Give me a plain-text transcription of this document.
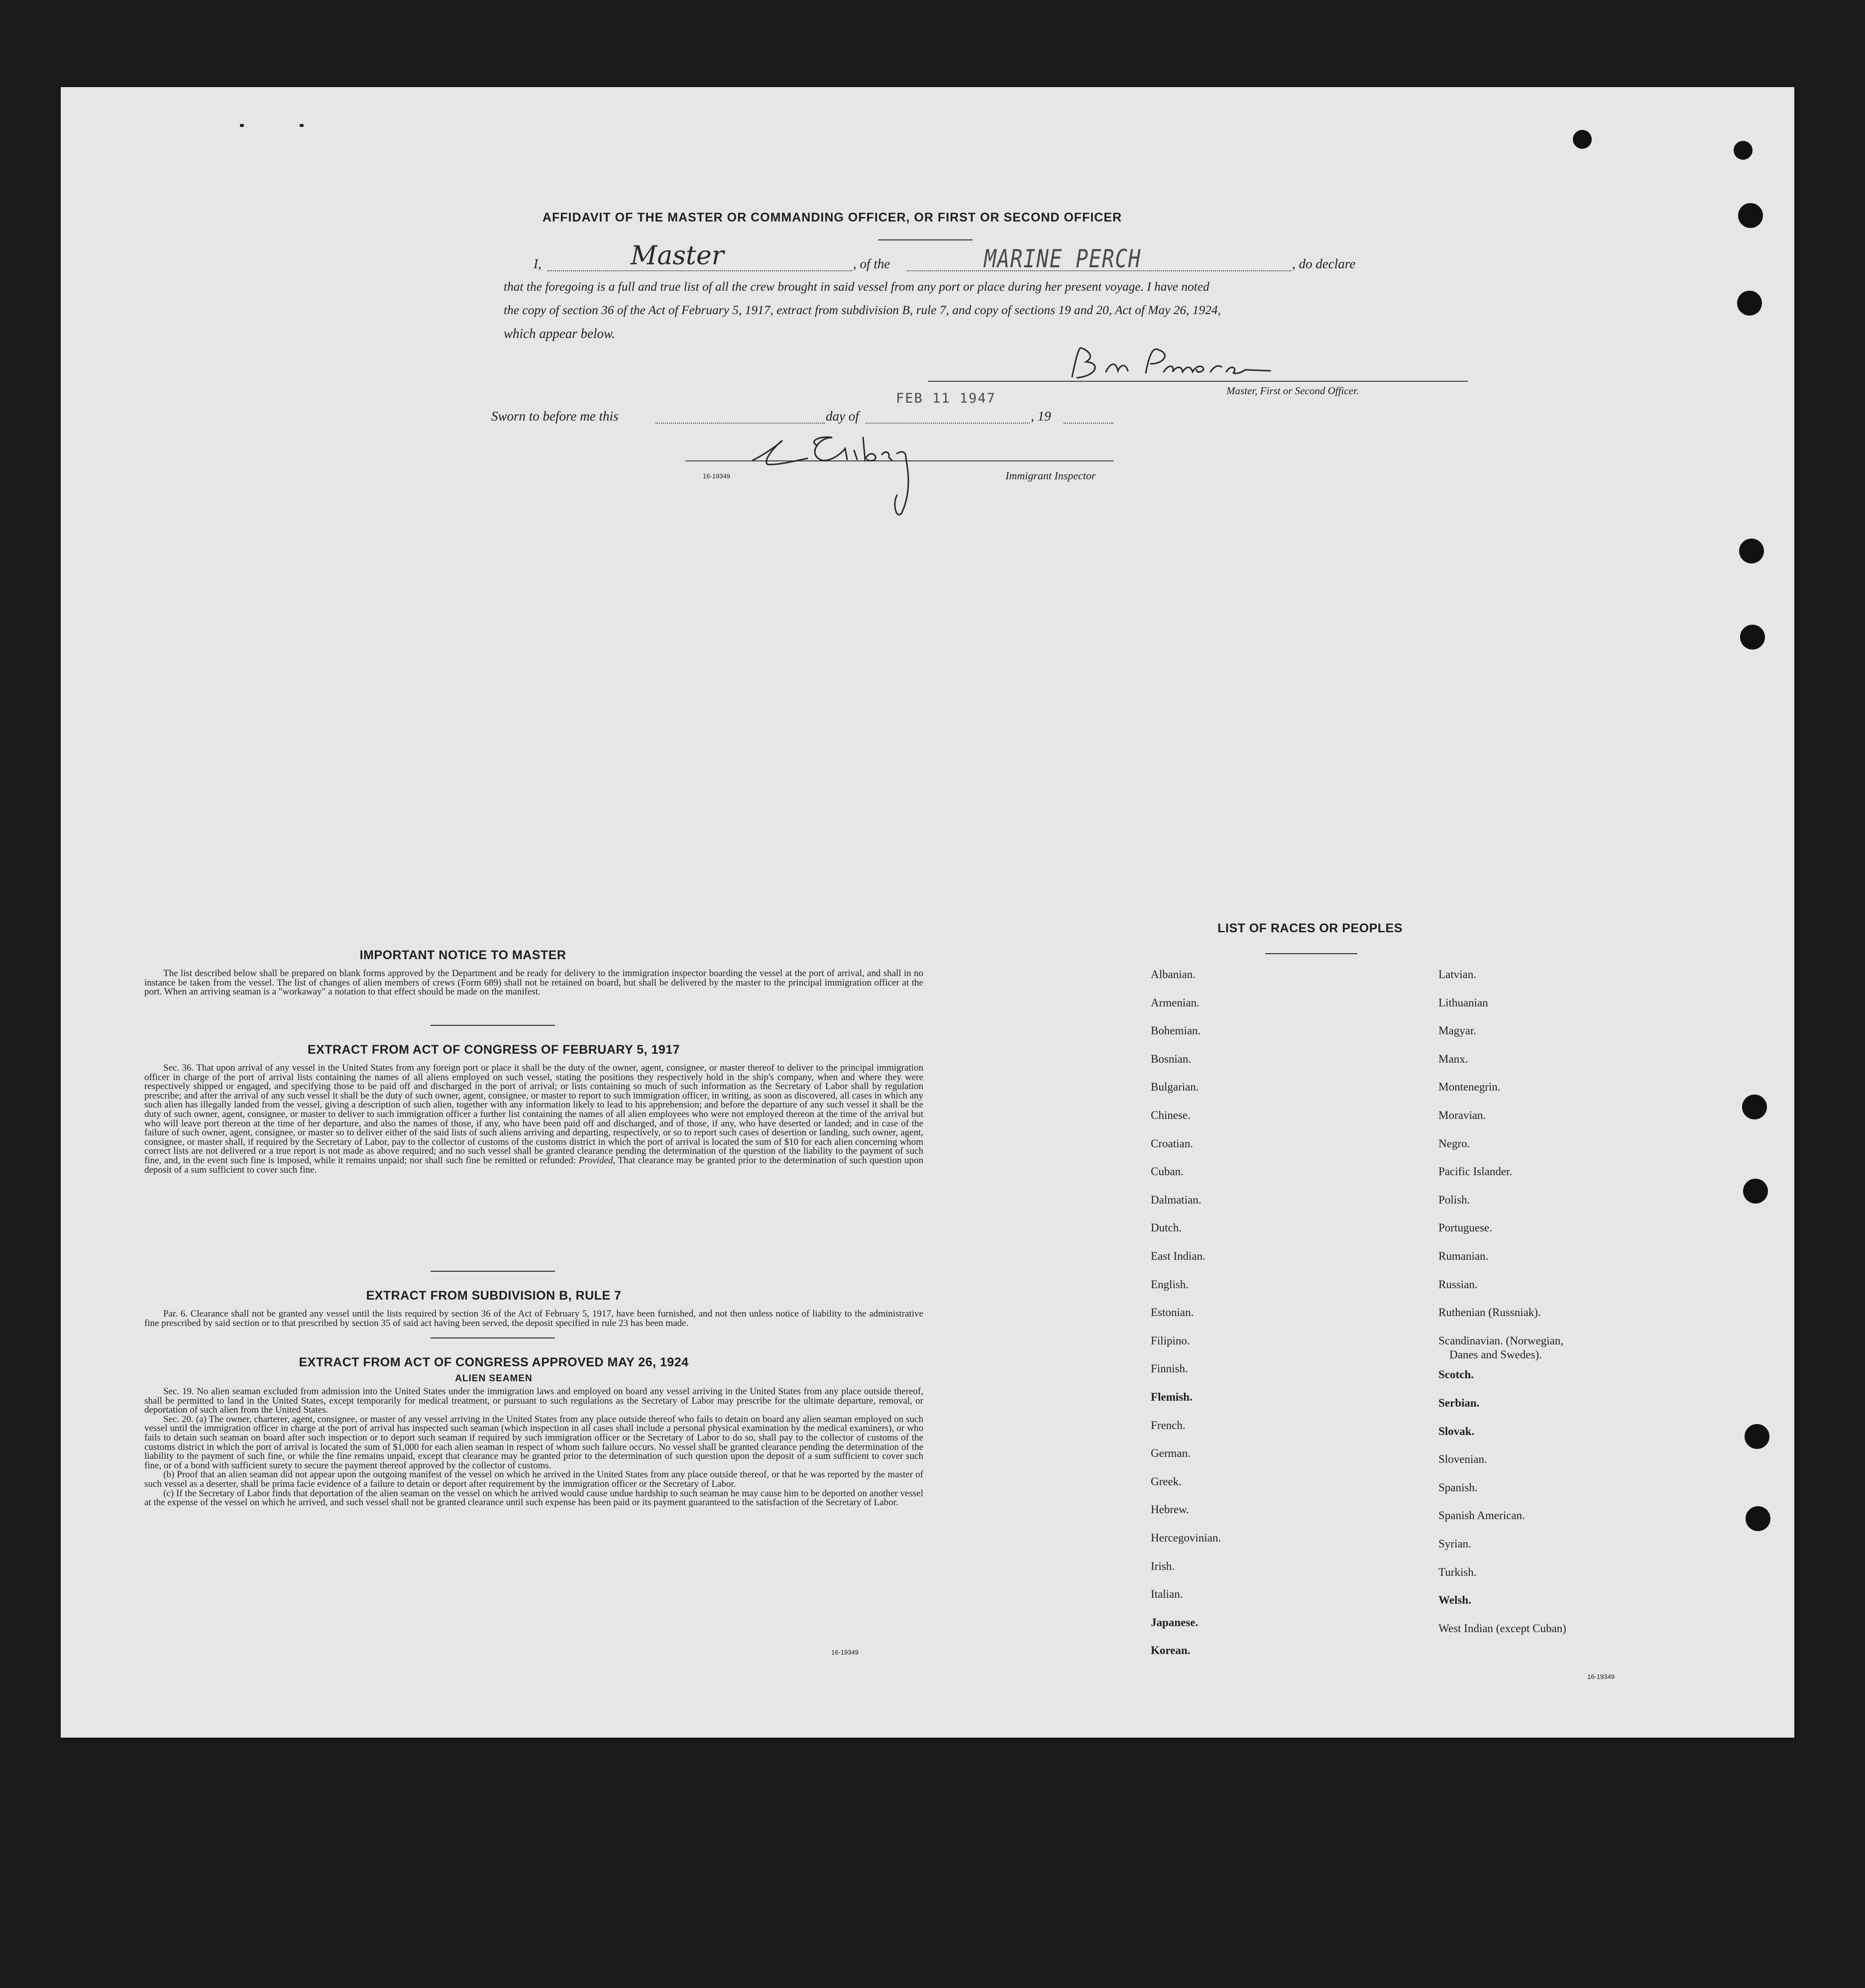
AFFIDAVIT OF THE MASTER OR COMMANDING OFFICER, OR FIRST OR SECOND OFFICER
I,	Master	, of the	MARINE PERCH	, do declare
that the foregoing is a full and true list of all the crew brought in said vessel from any port or place during her present voyage. I have noted
the copy of section 36 of the Act of February 5, 1917, extract from subdivision B, rule 7, and copy of sections 19 and 20, Act of May 26, 1924,
which appear below.
Master, First or Second Officer.
FEB 11 1947
Sworn to before me this	day of	, 19
16-19349	Immigrant Inspector
IMPORTANT NOTICE TO MASTER

The list described below shall be prepared on blank forms approved by the Department and be ready for delivery to the immigration inspector boarding the vessel at the port of arrival, and shall in no instance be taken from the vessel. The list of changes of alien members of crews (Form 689) shall not be retained on board, but shall be delivered by the master to the principal immigration officer at the port. When an arriving seaman is a "workaway" a notation to that effect should be made on the manifest.

EXTRACT FROM ACT OF CONGRESS OF FEBRUARY 5, 1917

Sec. 36. That upon arrival of any vessel in the United States from any foreign port or place it shall be the duty of the owner, agent, consignee, or master thereof to deliver to the principal immigration officer in charge of the port of arrival lists containing the names of all aliens employed on such vessel, stating the positions they respectively hold in the ship's company, when and where they were respectively shipped or engaged, and specifying those to be paid off and discharged in the port of arrival; or lists containing so much of such information as the Secretary of Labor shall by regulation prescribe; and after the arrival of any such vessel it shall be the duty of such owner, agent, consignee, or master to report to such immigration officer, in writing, as soon as discovered, all cases in which any such alien has illegally landed from the vessel, giving a description of such alien, together with any information likely to lead to his apprehension; and before the departure of any such vessel it shall be the duty of such owner, agent, consignee, or master to deliver to such immigration officer a further list containing the names of all alien employees who were not employed thereon at the time of the arrival but who will leave port thereon at the time of her departure, and also the names of those, if any, who have been paid off and discharged, and of those, if any, who have deserted or landed; and in case of the failure of such owner, agent, consignee, or master so to deliver either of the said lists of such aliens arriving and departing, respectively, or so to report such cases of desertion or landing, such owner, agent, consignee, or master shall, if required by the Secretary of Labor, pay to the collector of customs of the customs district in which the port of arrival is located the sum of $10 for each alien concerning whom correct lists are not delivered or a true report is not made as above required; and no such vessel shall be granted clearance pending the determination of the question of the liability to the payment of such fine, and, in the event such fine is imposed, while it remains unpaid; nor shall such fine be remitted or refunded: Provided, That clearance may be granted prior to the determination of such question upon deposit of a sum sufficient to cover such fine.

EXTRACT FROM SUBDIVISION B, RULE 7

Par. 6. Clearance shall not be granted any vessel until the lists required by section 36 of the Act of February 5, 1917, have been furnished, and not then unless notice of liability to the administrative fine prescribed by said section or to that prescribed by section 35 of said act having been served, the deposit specified in rule 23 has been made.

EXTRACT FROM ACT OF CONGRESS APPROVED MAY 26, 1924
ALIEN SEAMEN

Sec. 19. No alien seaman excluded from admission into the United States under the immigration laws and employed on board any vessel arriving in the United States from any place outside thereof, shall be permitted to land in the United States, except temporarily for medical treatment, or pursuant to such regulations as the Secretary of Labor may prescribe for the ultimate departure, removal, or deportation of such alien from the United States.

Sec. 20. (a) The owner, charterer, agent, consignee, or master of any vessel arriving in the United States from any place outside thereof who fails to detain on board any alien seaman employed on such vessel until the immigration officer in charge at the port of arrival has inspected such seaman (which inspection in all cases shall include a personal physical examination by the medical examiners), or who fails to detain such seaman on board after such inspection or to deport such seaman if required by such immigration officer or the Secretary of Labor to do so, shall pay to the collector of customs of the customs district in which the port of arrival is located the sum of $1,000 for each alien seaman in respect of whom such failure occurs. No vessel shall be granted clearance pending the determination of the liability to the payment of such fine, or while the fine remains unpaid, except that clearance may be granted prior to the determination of such question upon the deposit of a sum sufficient to cover such fine, or of a bond with sufficient surety to secure the payment thereof approved by the collector of customs.

(b) Proof that an alien seaman did not appear upon the outgoing manifest of the vessel on which he arrived in the United States from any place outside thereof, or that he was reported by the master of such vessel as a deserter, shall be prima facie evidence of a failure to detain or deport after requirement by the immigration officer or the Secretary of Labor.

(c) If the Secretary of Labor finds that deportation of the alien seaman on the vessel on which he arrived would cause undue hardship to such seaman he may cause him to be deported on another vessel at the expense of the vessel on which he arrived, and such vessel shall not be granted clearance until such expense has been paid or its payment guaranteed to the satisfaction of the Secretary of Labor.

16-19349
LIST OF RACES OR PEOPLES
16-19349
Albanian.
Armenian.
Bohemian.
Bosnian.
Bulgarian.
Chinese.
Croatian.
Cuban.
Dalmatian.
Dutch.
East Indian.
English.
Estonian.
Filipino.
Finnish.
Flemish.
French.
German.
Greek.
Hebrew.
Hercegovinian.
Irish.
Italian.
Japanese.
Korean.
Latvian.
Lithuanian
Magyar.
Manx.
Montenegrin.
Moravian.
Negro.
Pacific Islander.
Polish.
Portuguese.
Rumanian.
Russian.
Ruthenian (Russniak).
Scandinavian. (Norwegian,
Danes and Swedes).
Scotch.
Serbian.
Slovak.
Slovenian.
Spanish.
Spanish American.
Syrian.
Turkish.
Welsh.
West Indian (except Cuban)
